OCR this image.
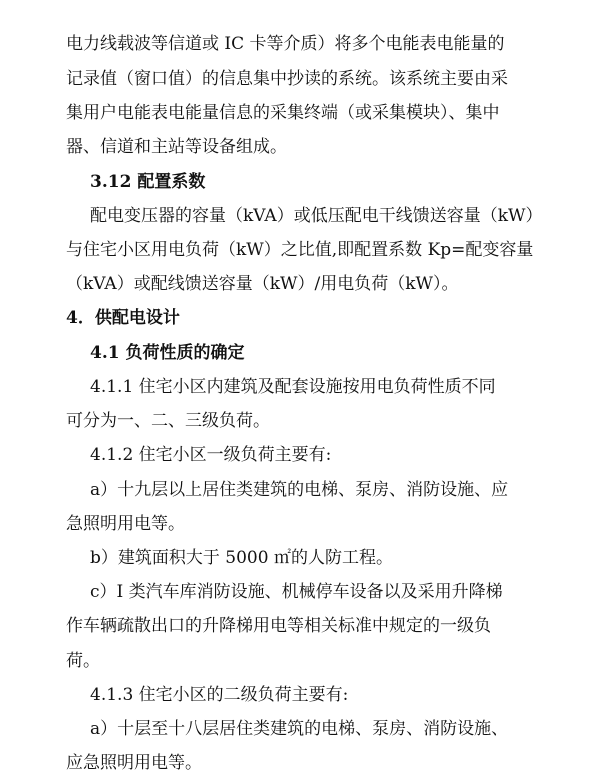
电力线载波等信道或 IC 卡等介质）将多个电能表电能量的
记录值（窗口值）的信息集中抄读的系统。该系统主要由采
集用户电能表电能量信息的采集终端（或采集模块）、集中
器、信道和主站等设备组成。
3.12 配置系数
配电变压器的容量（kVA）或低压配电干线馈送容量（kW）
与住宅小区用电负荷（kW）之比值,即配置系数 Kp=配变容量
（kVA）或配线馈送容量（kW）/用电负荷（kW）。
4．供配电设计
4.1 负荷性质的确定
4.1.1 住宅小区内建筑及配套设施按用电负荷性质不同
可分为一、二、三级负荷。
4.1.2 住宅小区一级负荷主要有:
a）十九层以上居住类建筑的电梯、泵房、消防设施、应
急照明用电等。
b）建筑面积大于 5000 ㎡的人防工程。
c）I 类汽车库消防设施、机械停车设备以及采用升降梯
作车辆疏散出口的升降梯用电等相关标准中规定的一级负
荷。
4.1.3 住宅小区的二级负荷主要有:
a）十层至十八层居住类建筑的电梯、泵房、消防设施、
应急照明用电等。
